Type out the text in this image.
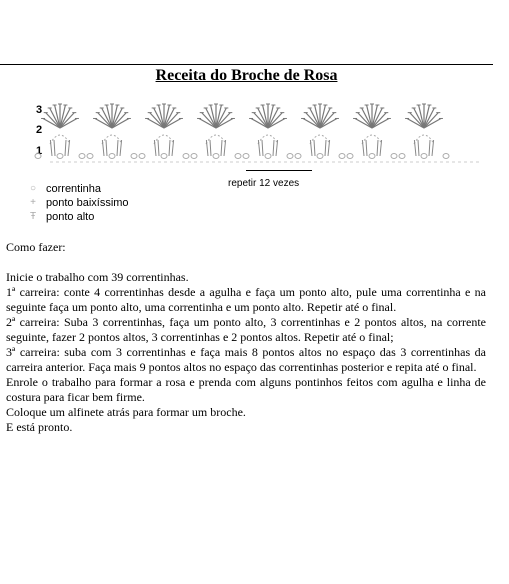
Receita do Broche de Rosa
3
2
1
repetir 12 vezes
○ correntinha
+ ponto baixíssimo
Ŧ ponto alto

Como fazer:

Inicie o trabalho com 39 correntinhas.

1ª carreira: conte 4 correntinhas desde a agulha e faça um ponto alto, pule uma correntinha e na seguinte faça um ponto alto, uma correntinha e um ponto alto. Repetir até o final.

2ª carreira: Suba 3 correntinhas, faça um ponto alto, 3 correntinhas e 2 pontos altos, na corrente seguinte, fazer 2 pontos altos, 3 correntinhas e 2 pontos altos. Repetir até o final;

3ª carreira: suba com 3 correntinhas e faça mais 8 pontos altos no espaço das 3 correntinhas da carreira anterior. Faça mais 9 pontos altos no espaço das correntinhas posterior e repita até o final.

Enrole o trabalho para formar a rosa e prenda com alguns pontinhos feitos com agulha e linha de costura para ficar bem firme.

Coloque um alfinete atrás para formar um broche.

E está pronto.
